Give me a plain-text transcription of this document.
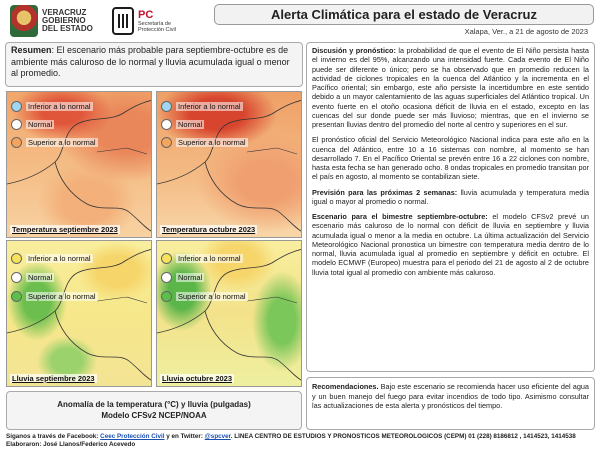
VERACRUZ
GOBIERNO
DEL ESTADO
PC
Secretaría de
Protección Civil
Alerta Climática para el estado de Veracruz
Xalapa, Ver., a 21 de agosto de 2023
Resumen: El escenario más probable para septiembre-octubre es de ambiente más caluroso de lo normal y lluvia acumulada igual o menor al promedio.
Inferior a lo normal
Normal
Superior a lo normal
Temperatura septiembre 2023
Inferior a lo normal
Normal
Superior a lo normal
Temperatura octubre 2023
Inferior a lo normal
Normal
Superior a lo normal
Lluvia septiembre 2023
Inferior a lo normal
Normal
Superior a lo normal
Lluvia octubre 2023
Anomalía de la temperatura (°C) y lluvia (pulgadas)
Modelo CFSv2 NCEP/NOAA

Discusión y pronóstico: la probabilidad de que el evento de El Niño persista hasta el invierno es del 95%, alcanzando una intensidad fuerte. Cada evento de El Niño puede ser diferente o único; pero se ha observado que en promedio reducen la actividad de ciclones tropicales en la cuenca del Atlántico y la incrementa en el Pacífico oriental; sin embargo, este año persiste la incertidumbre en este sentido debido a un mayor calentamiento de las aguas superficiales del Atlántico tropical. Un evento fuerte en el otoño ocasiona déficit de lluvia en el estado, excepto en las cuencas del sur donde puede ser más lluvioso; mientras, que en el invierno se presentan lluvias dentro del promedio del norte al centro y superiores en el sur.

El pronóstico oficial del Servicio Meteorológico Nacional indica para este año en la cuenca del Atlántico, entre 10 a 16 sistemas con nombre, al momento se han desarrollado 7. En el Pacífico Oriental se prevén entre 16 a 22 ciclones con nombre, hasta esta fecha se han generado ocho. 8 ondas tropicales en promedio transitan por el país en agosto, al momento se contabilizan siete.

Previsión para las próximas 2 semanas: lluvia acumulada y temperatura media igual o mayor al promedio o normal.

Escenario para el bimestre septiembre-octubre: el modelo CFSv2 prevé un escenario más caluroso de lo normal con déficit de lluvia en septiembre y lluvia acumulada igual o menor a la media en octubre. La última actualización del Servicio Meteorológico Nacional pronostica un bimestre con temperatura media dentro de lo normal, lluvia acumulada igual al promedio en septiembre y déficit en octubre. El modelo ECMWF (Europeo) muestra para el periodo del 21 de agosto al 2 de octubre lluvia total igual al promedio con ambiente más caluroso.

Recomendaciones. Bajo este escenario se recomienda hacer uso eficiente del agua y un buen manejo del fuego para evitar incendios de todo tipo. Asimismo consultar las actualizaciones de esta alerta y pronósticos del tiempo.
Síganos a través de Facebook: Ceec Protección Civil y en Twitter: @spcver. LÍNEA CENTRO DE ESTUDIOS Y PRONÓSTICOS METEOROLÓGICOS (CEPM) 01 (228) 8186812 , 1414523, 1414538
Elaboraron: José Llanos/Federico Acevedo
